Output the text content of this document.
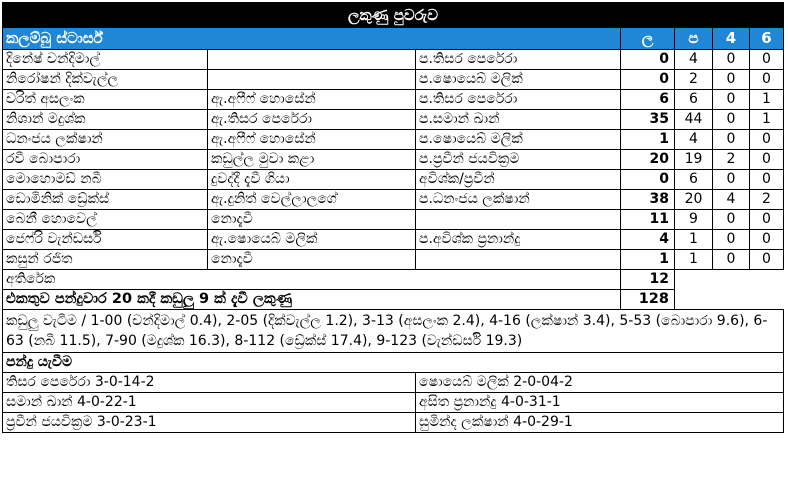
ලකුණු පුවරුව						
කලම්බු ස්ටාර්ස්			ල	ප	4	6
දිනේෂ් චන්දිමාල්		ප.තිසර පෙරේරා	0	4	0	0
නිරෝෂන් දික්වැල්ල		ප.ෂොයෙබ් මලික්	0	2	0	0
චරිත් අසලංක	ඇ.අෆීෆ් හොසේන්	ප.තිසර පෙරේරා	6	6	0	1
නිශාන් මදුශ්ක	ඇ.තිසර පෙරේරා	ප.සමාන් ඛාන්	35	44	0	1
ධනංජය ලක්ෂාන්	ඇ.අෆීෆ් හොසේන්	ප.ෂොයෙබ් මලික්	1	4	0	0
රවී බොපාරා	කඩුල්ල මුවා කළා	ප.ප්‍රවීන් ජයවික්‍රම	20	19	2	0
මොහොමඩ් නබී	දුවද්දී දැවී ගියා	අවිශ්ක/ප්‍රවීන්	0	6	0	0
ඩොමිනික් ඩ්‍රේක්ස්	ඇ.දුනිත් වෙල්ලාලගේ	ප.ධනංජය ලක්ෂාන්	38	20	4	2
බෙනී හොවෙල්	නොදැවී		11	9	0	0
ජෙෆ්රි වැන්ඩර්සි	ඇ.ෂොයෙබ් මලික්	ප.අවිශ්ක ප්‍රනාන්දු	4	1	0	0
කසුන් රජිත	නොදැවී		1	1	0	0
අතිරේක			12			
එකතුව පන්දුවාර 20 කදී කඩුලු 9 ක් දැවී ලකුණු			128			
කඩුලු වැටීම / 1-00 (චන්දිමාල් 0.4), 2-05 (දික්වැල්ල 1.2), 3-13 (අසලංක 2.4), 4-16 (ලක්ෂාන් 3.4), 5-53 (බොපාරා 9.6), 6-63 (නබී 11.5), 7-90 (මදුශ්ක 16.3), 8-112 (ඩ්‍රේක්ස් 17.4), 9-123 (වැන්ඩර්සි 19.3)						
පන්දු යැවීම						
තිසර පෙරේරා 3-0-14-2		ෂොයෙබ් මලික් 2-0-04-2				
සමාන් ඛාන් 4-0-22-1		අසිත ප්‍රනාන්දු 4-0-31-1				
ප්‍රවීන් ජයවික්‍රම 3-0-23-1		සුමින්ද ලක්ෂාන් 4-0-29-1				
